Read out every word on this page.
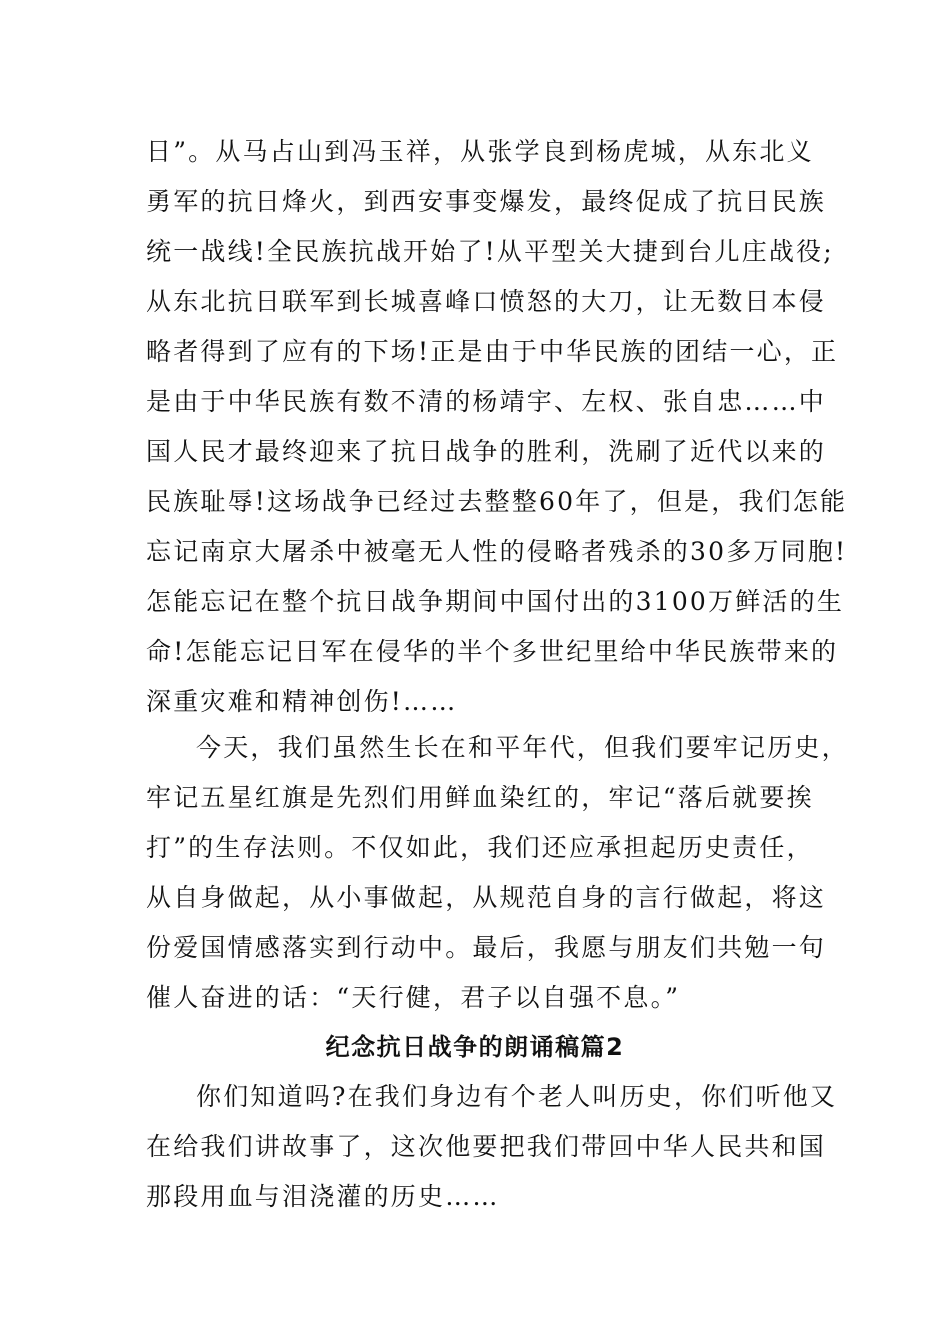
日”。从马占山到冯玉祥，从张学良到杨虎城，从东北义
勇军的抗日烽火，到西安事变爆发，最终促成了抗日民族
统一战线!全民族抗战开始了!从平型关大捷到台儿庄战役;
从东北抗日联军到长城喜峰口愤怒的大刀，让无数日本侵
略者得到了应有的下场!正是由于中华民族的团结一心，正
是由于中华民族有数不清的杨靖宇、左权、张自忠……中
国人民才最终迎来了抗日战争的胜利，洗刷了近代以来的
民族耻辱!这场战争已经过去整整60年了，但是，我们怎能
忘记南京大屠杀中被毫无人性的侵略者残杀的30多万同胞!
怎能忘记在整个抗日战争期间中国付出的3100万鲜活的生
命!怎能忘记日军在侵华的半个多世纪里给中华民族带来的
深重灾难和精神创伤!……
今天，我们虽然生长在和平年代，但我们要牢记历史，
牢记五星红旗是先烈们用鲜血染红的，牢记“落后就要挨
打”的生存法则。不仅如此，我们还应承担起历史责任，
从自身做起，从小事做起，从规范自身的言行做起，将这
份爱国情感落实到行动中。最后，我愿与朋友们共勉一句
催人奋进的话：“天行健，君子以自强不息。”
纪念抗日战争的朗诵稿篇2
你们知道吗?在我们身边有个老人叫历史，你们听他又
在给我们讲故事了，这次他要把我们带回中华人民共和国
那段用血与泪浇灌的历史……
